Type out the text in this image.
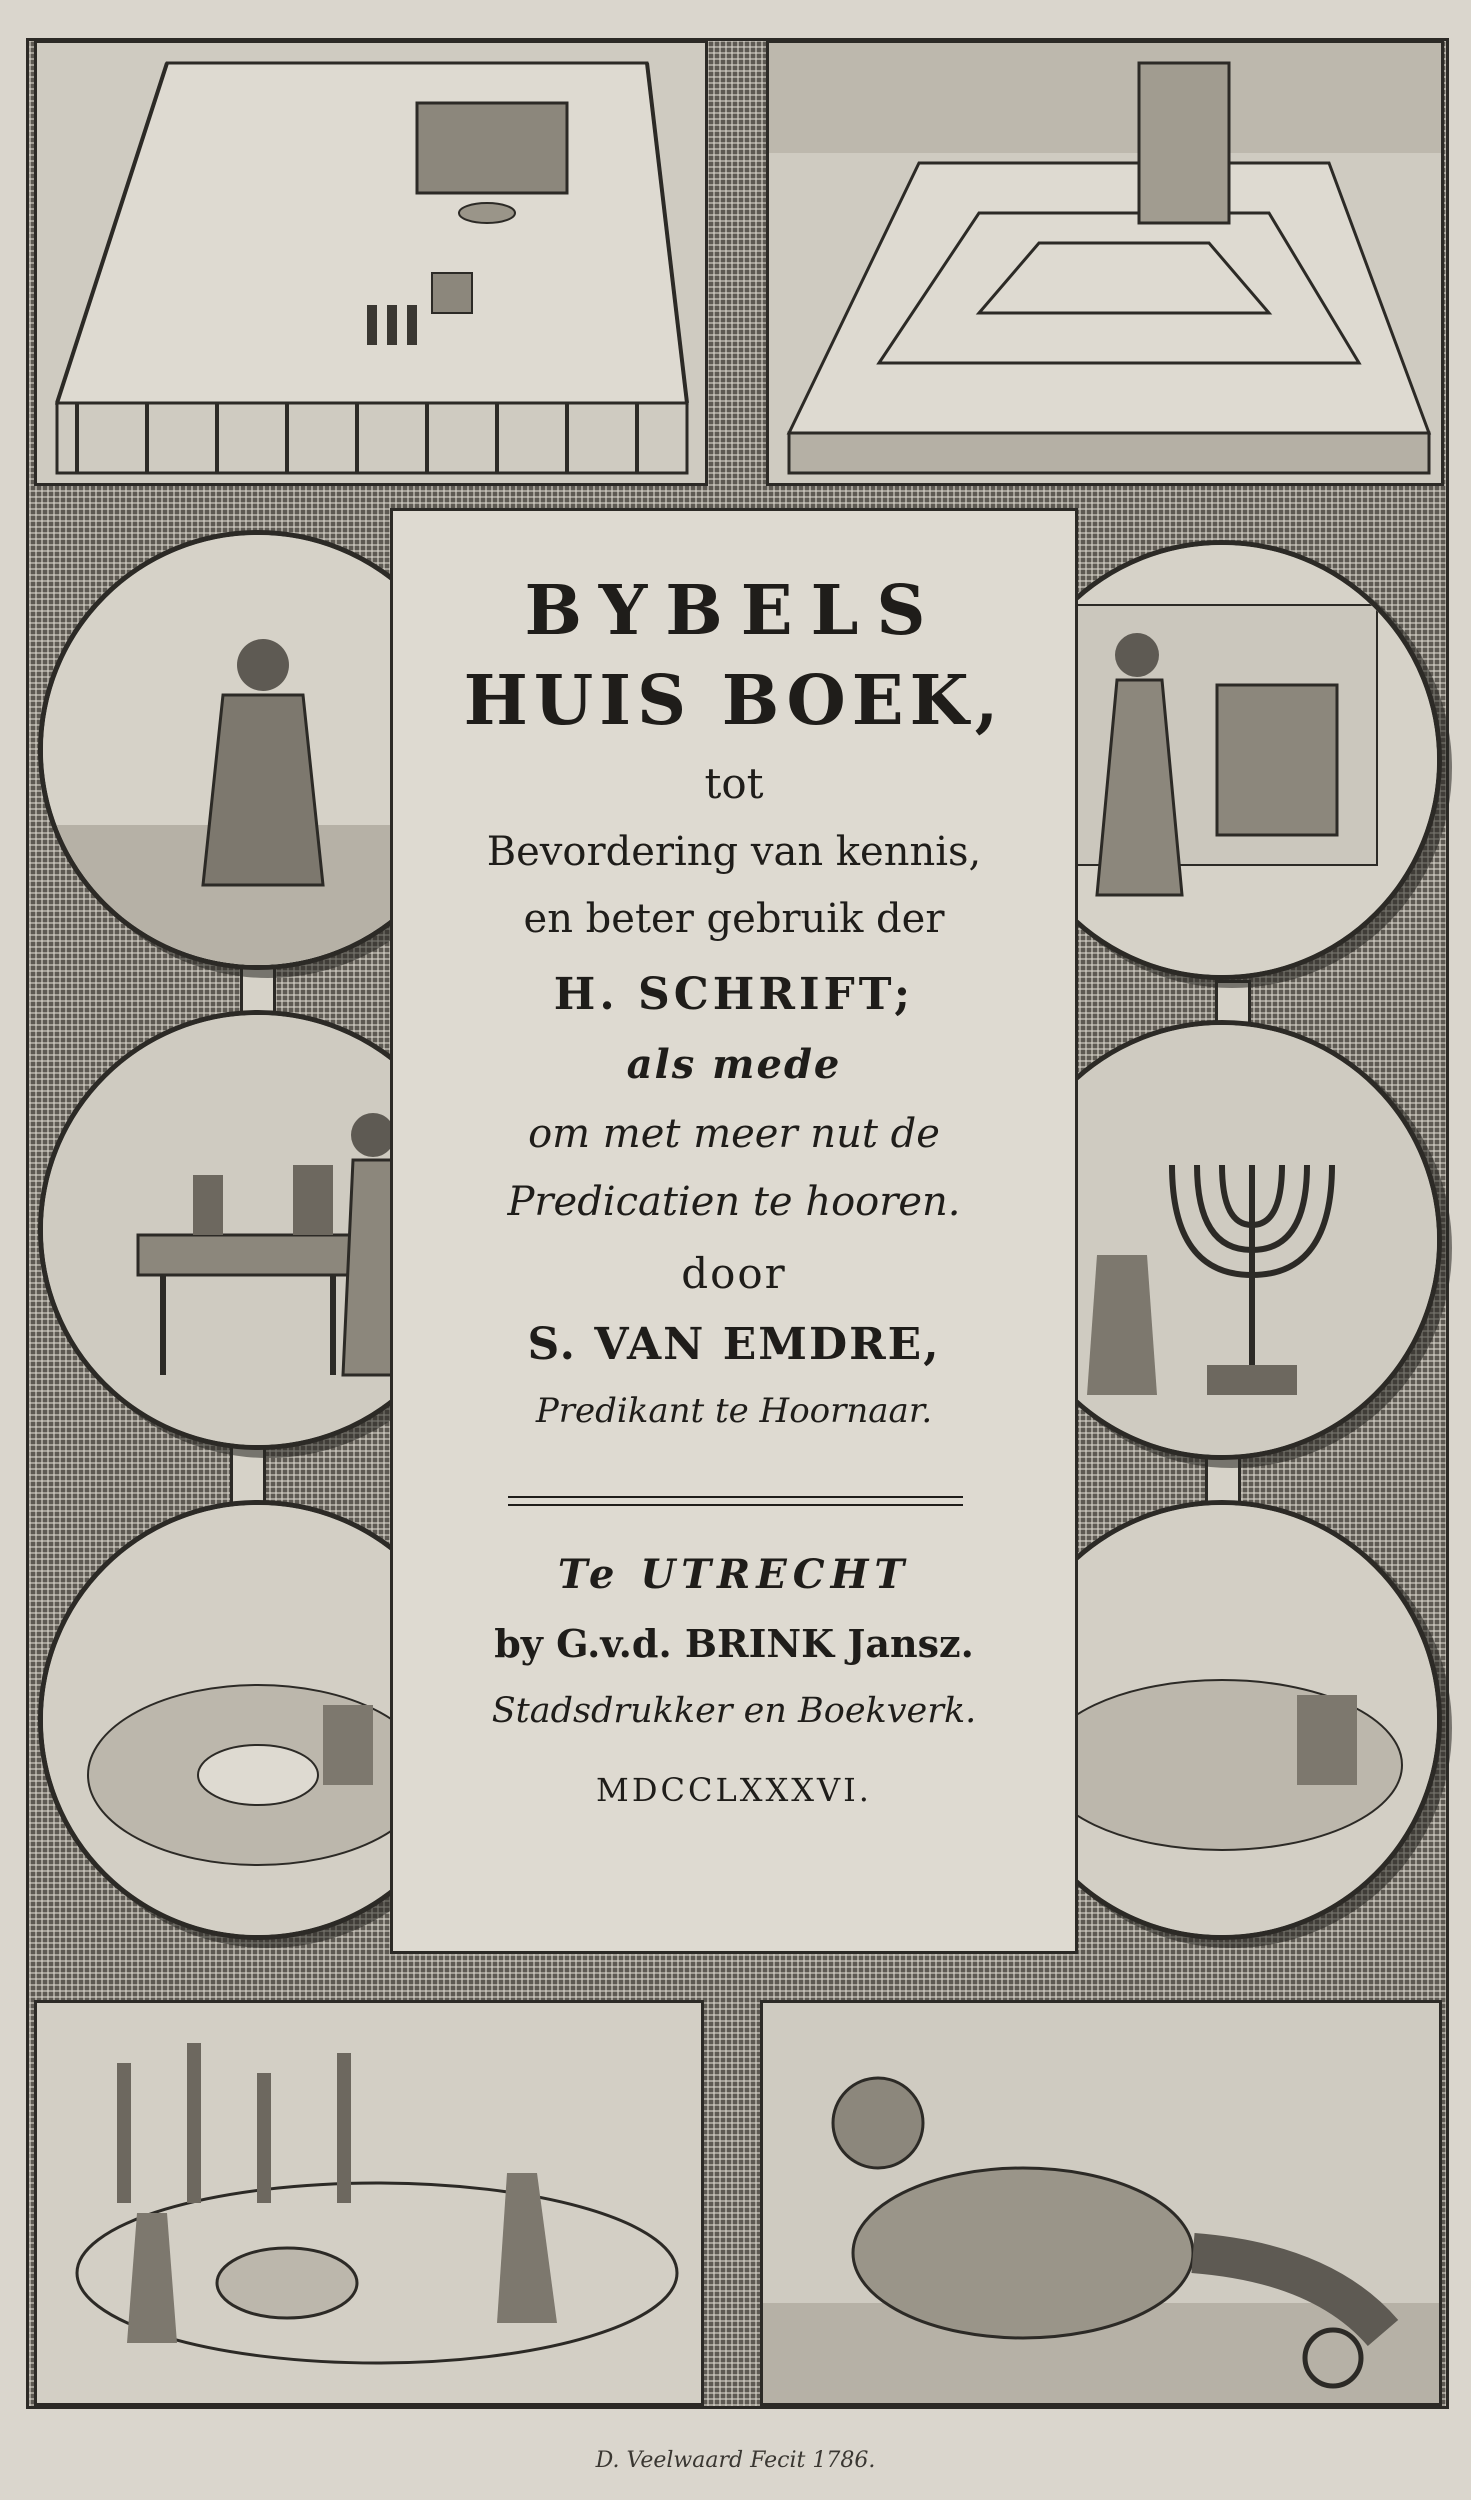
BYBELS
HUIS BOEK,
tot
Bevordering van kennis,
en beter gebruik der
H. SCHRIFT;
als mede
om met meer nut de
Predicatien te hooren.
door
S. VAN EMDRE,
Predikant te Hoornaar.
Te UTRECHT
by G.v.d. BRINK Jansz.
Stadsdrukker en Boekverk.
MDCCLXXXVI.
D. Veelwaard Fecit 1786.
